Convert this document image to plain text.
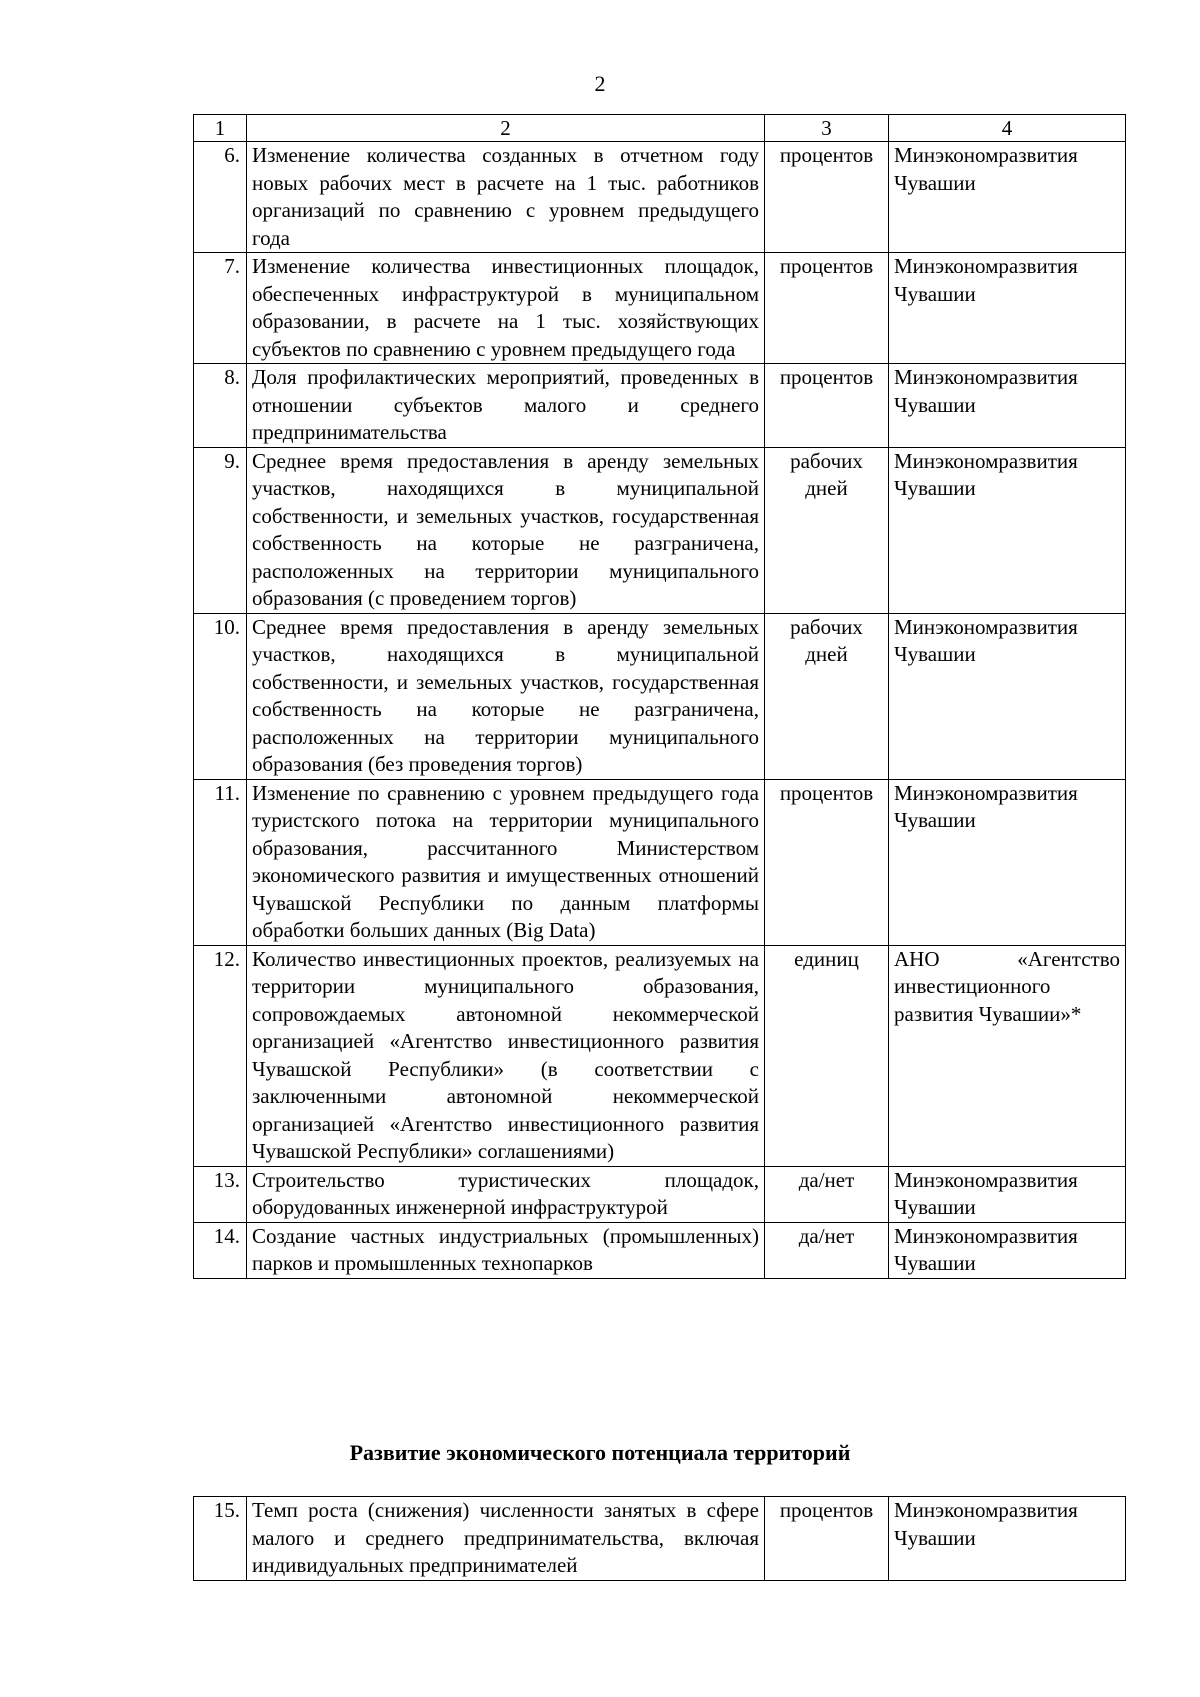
2
1	2	3	4
6.	Изменение количества созданных в отчетном году новых рабочих мест в расчете на 1 тыс. работников организаций по сравнению с уровнем предыдущего года	процентов	Минэкономразвития Чувашии
7.	Изменение количества инвестиционных площадок, обеспеченных инфраструктурой в муниципальном образовании, в расчете на 1 тыс. хозяйствующих субъектов по сравнению с уровнем предыдущего года	процентов	Минэкономразвития Чувашии
8.	Доля профилактических мероприятий, проведенных в отношении субъектов малого и среднего предпринимательства	процентов	Минэкономразвития Чувашии
9.	Среднее время предоставления в аренду земельных участков, находящихся в муниципальной собственности, и земельных участков, государственная собственность на которые не разграничена, расположенных на территории муниципального образования (с проведением торгов)	рабочих дней	Минэкономразвития Чувашии
10.	Среднее время предоставления в аренду земельных участков, находящихся в муниципальной собственности, и земельных участков, государственная собственность на которые не разграничена, расположенных на территории муниципального образования (без проведения торгов)	рабочих дней	Минэкономразвития Чувашии
11.	Изменение по сравнению с уровнем предыдущего года туристского потока на территории муниципального образования, рассчитанного Министерством экономического развития и имущественных отношений Чувашской Республики по данным платформы обработки больших данных (Big Data)	процентов	Минэкономразвития Чувашии
12.	Количество инвестиционных проектов, реализуемых на территории муниципального образования, сопровождаемых автономной некоммерческой организацией «Агентство инвестиционного развития Чувашской Республики» (в соответствии с заключенными автономной некоммерческой организацией «Агентство инвестиционного развития Чувашской Республики» соглашениями)	единиц	АНО «Агентство инвестиционного развития Чувашии»*
13.	Строительство туристических площадок, оборудованных инженерной инфраструктурой	да/нет	Минэкономразвития Чувашии
14.	Создание частных индустриальных (промышленных) парков и промышленных технопарков	да/нет	Минэкономразвития Чувашии
Развитие экономического потенциала территорий
15.	Темп роста (снижения) численности занятых в сфере малого и среднего предпринимательства, включая индивидуальных предпринимателей	процентов	Минэкономразвития Чувашии
